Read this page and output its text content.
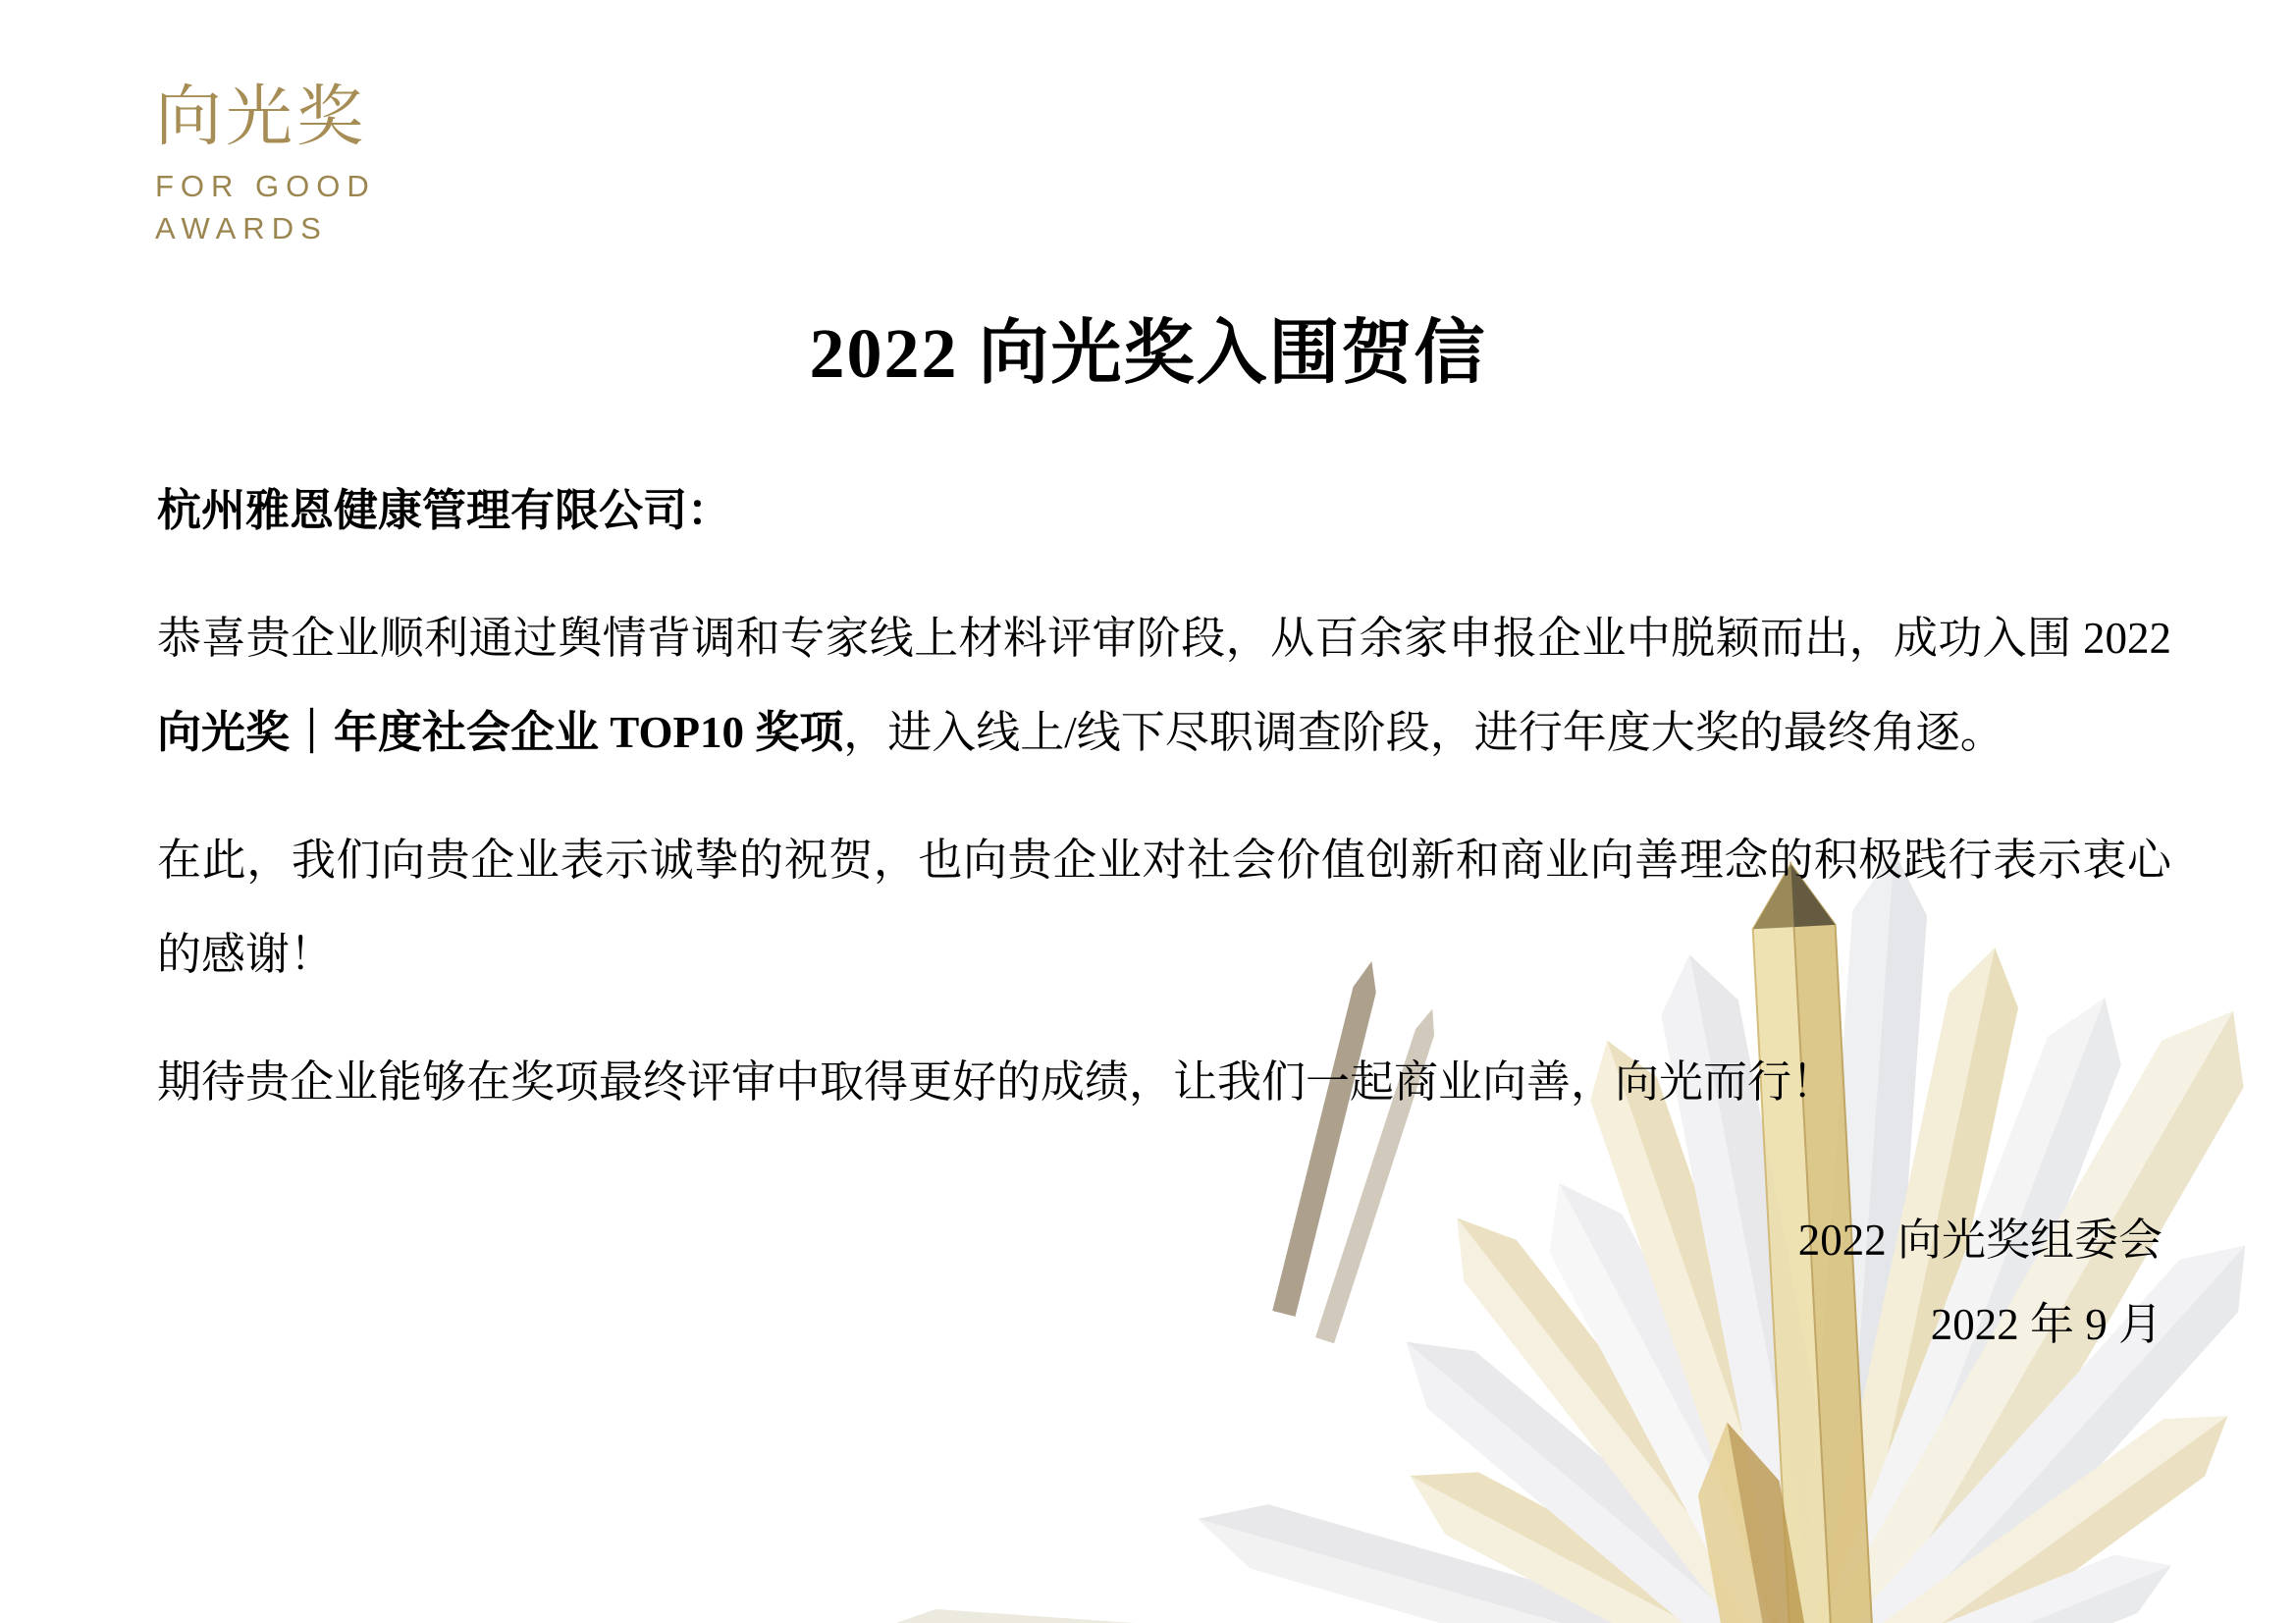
向光奖
FOR GOOD
AWARDS
2022 向光奖入围贺信

杭州雅恩健康管理有限公司：

恭喜贵企业顺利通过舆情背调和专家线上材料评审阶段，从百余家申报企业中脱颖而出，成功入围 2022 向光奖｜年度社会企业 TOP10 奖项，进入线上/线下尽职调查阶段，进行年度大奖的最终角逐。

在此，我们向贵企业表示诚挚的祝贺，也向贵企业对社会价值创新和商业向善理念的积极践行表示衷心的感谢！

期待贵企业能够在奖项最终评审中取得更好的成绩，让我们一起商业向善，向光而行！

2022 向光奖组委会
2022 年 9 月
